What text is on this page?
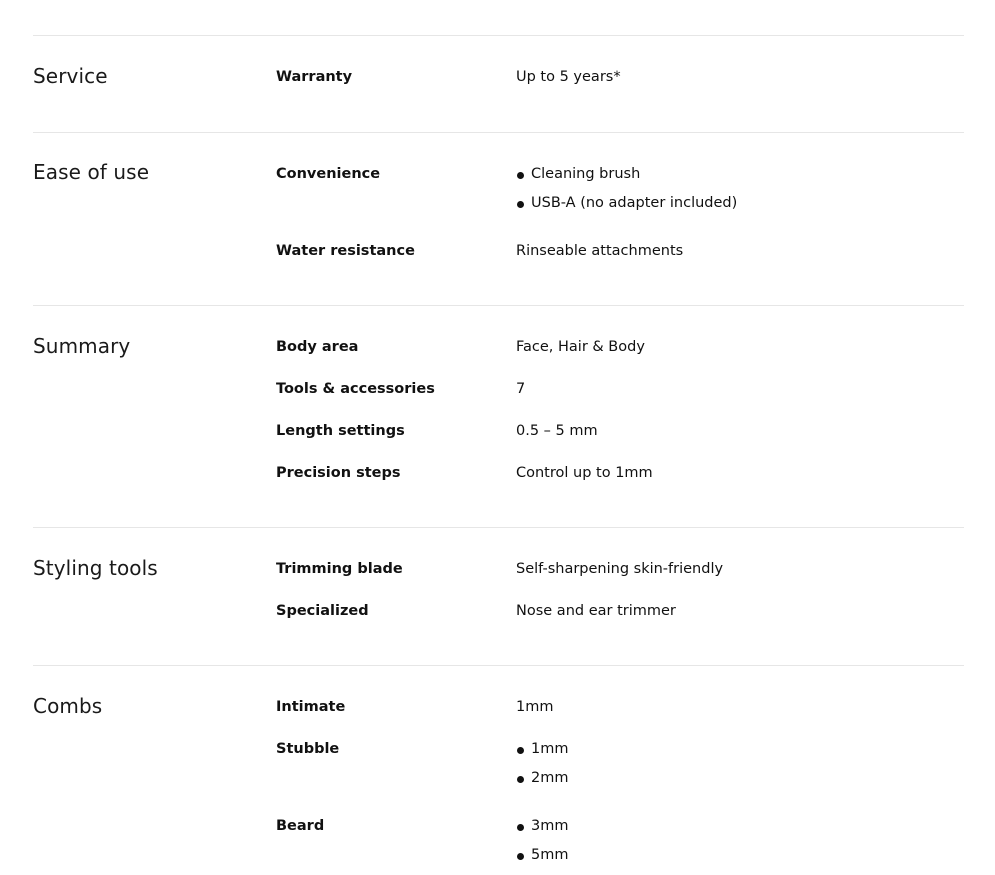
Service	Warranty	Up to 5 years*
Ease of use	Convenience	Cleaning brush
USB-A (no adapter included)
Water resistance	Rinseable attachments
Summary	Body area	Face, Hair & Body
Tools & accessories	7
Length settings	0.5 – 5 mm
Precision steps	Control up to 1mm
Styling tools	Trimming blade	Self-sharpening skin-friendly
Specialized	Nose and ear trimmer
Combs	Intimate	1mm
Stubble	1mm
2mm
Beard	3mm
5mm
